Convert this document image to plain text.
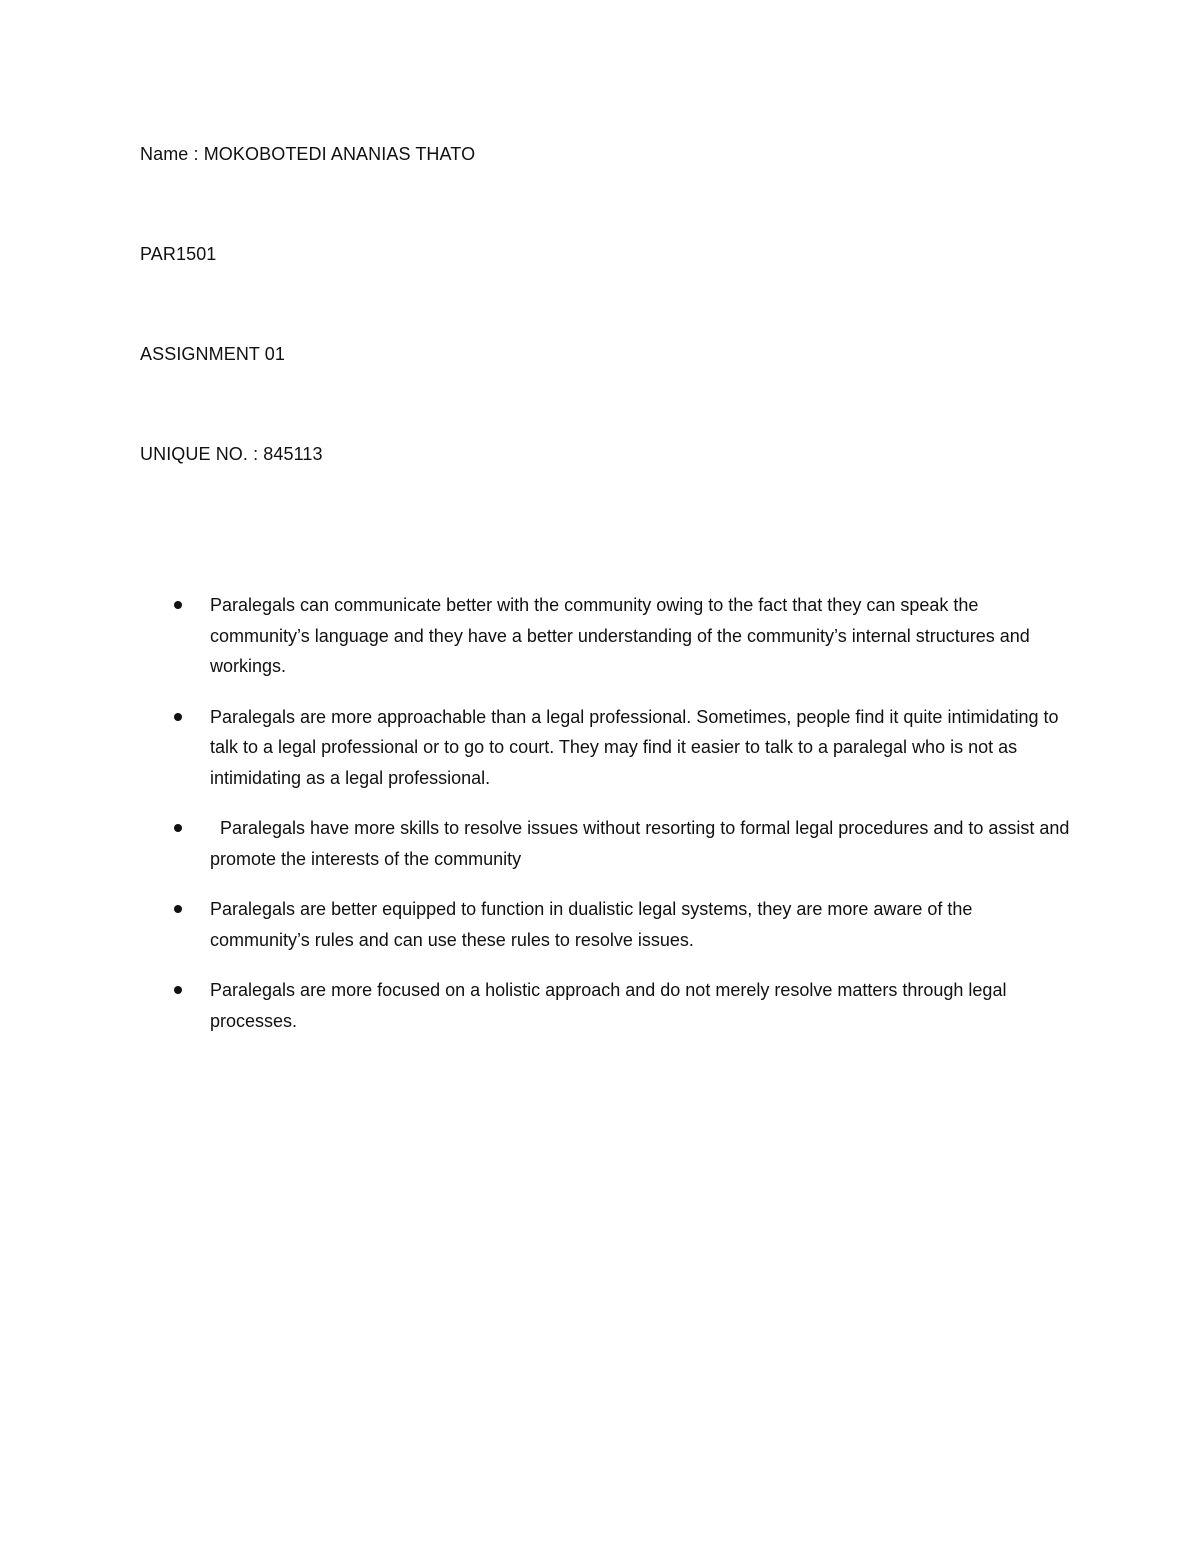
Name : MOKOBOTEDI ANANIAS THATO
PAR1501
ASSIGNMENT 01
UNIQUE NO. : 845113
Paralegals can communicate better with the community owing to the fact that they can speak the community’s language and they have a better understanding of the community’s internal structures and workings.
Paralegals are more approachable than a legal professional. Sometimes, people find it quite intimidating to talk to a legal professional or to go to court. They may find it easier to talk to a paralegal who is not as intimidating as a legal professional.
Paralegals have more skills to resolve issues without resorting to formal legal procedures and to assist and promote the interests of the community
Paralegals are better equipped to function in dualistic legal systems, they are more aware of the community’s rules and can use these rules to resolve issues.
Paralegals are more focused on a holistic approach and do not merely resolve matters through legal processes.
